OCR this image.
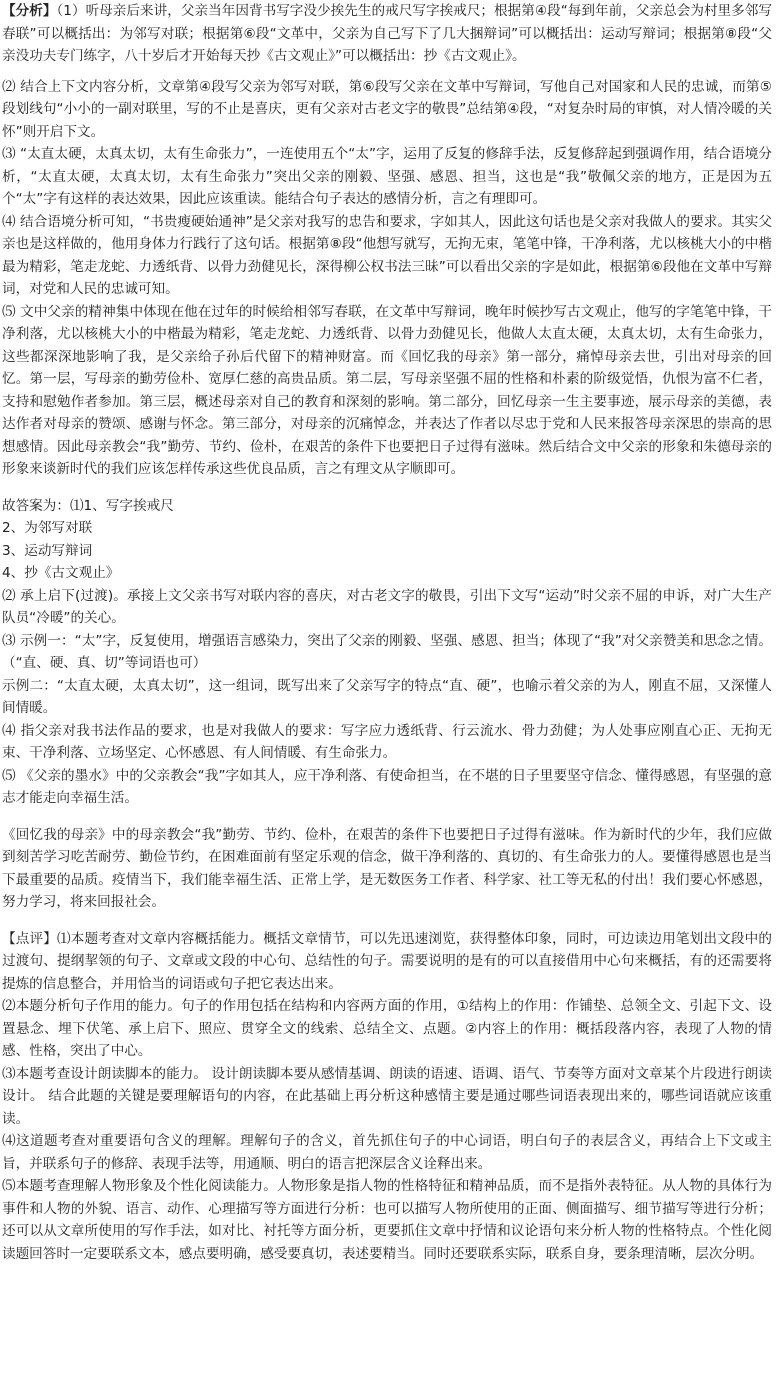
【分析】（1）听母亲后来讲，父亲当年因背书写字没少挨先生的戒尺写字挨戒尺；根据第④段“每到年前，父亲总会为村里多邻写春联”可以概括出：为邻写对联；根据第⑥段“文革中，父亲为自己写下了几大捆辩词”可以概括出：运动写辩词；根据第⑧段“父亲没功夫专门练字，八十岁后才开始每天抄《古文观止》”可以概括出：抄《古文观止》。

⑵ 结合上下文内容分析，文章第④段写父亲为邻写对联，第⑥段写父亲在文革中写辩词，写他自己对国家和人民的忠诚，而第⑤段划线句“小小的一副对联里，写的不止是喜庆，更有父亲对古老文字的敬畏”总结第④段，“对复杂时局的审慎，对人情冷暖的关怀”则开启下文。

⑶ “太直太硬，太真太切，太有生命张力”，一连使用五个“太”字，运用了反复的修辞手法，反复修辞起到强调作用，结合语境分析，“太直太硬，太真太切，太有生命张力”突出父亲的刚毅、坚强、感恩、担当，这也是“我”敬佩父亲的地方，正是因为五个“太”字有这样的表达效果，因此应该重读。能结合句子表达的感情分析，言之有理即可。

⑷ 结合语境分析可知，“书贵瘦硬始通神”是父亲对我写的忠告和要求，字如其人，因此这句话也是父亲对我做人的要求。其实父亲也是这样做的，他用身体力行践行了这句话。根据第⑧段“他想写就写，无拘无束，笔笔中锋，干净利落，尤以核桃大小的中楷最为精彩，笔走龙蛇、力透纸背、以骨力劲健见长，深得柳公权书法三昧”可以看出父亲的字是如此，根据第⑥段他在文革中写辩词，对党和人民的忠诚可知。

⑸ 文中父亲的精神集中体现在他在过年的时候给相邻写春联，在文革中写辩词，晚年时候抄写古文观止，他写的字笔笔中锋，干净利落，尤以核桃大小的中楷最为精彩，笔走龙蛇、力透纸背、以骨力劲健见长，他做人太直太硬，太真太切，太有生命张力，这些都深深地影响了我，是父亲给子孙后代留下的精神财富。而《回忆我的母亲》第一部分，痛悼母亲去世，引出对母亲的回忆。第一层，写母亲的勤劳俭朴、宽厚仁慈的高贵品质。第二层，写母亲坚强不屈的性格和朴素的阶级觉悟，仇恨为富不仁者，支持和慰勉作者参加。第三层，概述母亲对自己的教育和深刻的影响。第二部分，回忆母亲一生主要事迹，展示母亲的美德，表达作者对母亲的赞颂、感谢与怀念。第三部分，对母亲的沉痛悼念，并表达了作者以尽忠于党和人民来报答母亲深思的崇高的思想感情。因此母亲教会“我”勤劳、节约、俭朴，在艰苦的条件下也要把日子过得有滋味。然后结合文中父亲的形象和朱德母亲的形象来谈新时代的我们应该怎样传承这些优良品质，言之有理文从字顺即可。

故答案为：⑴1、写字挨戒尺

2、为邻写对联

3、运动写辩词

4、抄《古文观止》

⑵ 承上启下(过渡)。承接上文父亲书写对联内容的喜庆，对古老文字的敬畏，引出下文写“运动”时父亲不屈的申诉，对广大生产队员“冷暖”的关心。

⑶ 示例一：“太”字，反复使用，增强语言感染力，突出了父亲的刚毅、坚强、感恩、担当；体现了“我”对父亲赞美和思念之情。（“直、硬、真、切”等词语也可）

示例二：“太直太硬，太真太切”，这一组词，既写出来了父亲写字的特点“直、硬”，也喻示着父亲的为人，刚直不屈，又深懂人间情暖。

⑷ 指父亲对我书法作品的要求，也是对我做人的要求：写字应力透纸背、行云流水、骨力劲健；为人处事应刚直心正、无拘无束、干净利落、立场坚定、心怀感恩、有人间情暖、有生命张力。

⑸ 《父亲的墨水》中的父亲教会“我”字如其人，应干净利落、有使命担当，在不堪的日子里要坚守信念、懂得感恩，有坚强的意志才能走向幸福生活。

《回忆我的母亲》中的母亲教会“我”勤劳、节约、俭朴，在艰苦的条件下也要把日子过得有滋味。作为新时代的少年，我们应做到刻苦学习吃苦耐劳、勤俭节约，在困难面前有坚定乐观的信念，做干净利落的、真切的、有生命张力的人。要懂得感恩也是当下最重要的品质。疫情当下，我们能幸福生活、正常上学，是无数医务工作者、科学家、社工等无私的付出！我们要心怀感恩，努力学习，将来回报社会。

【点评】⑴本题考查对文章内容概括能力。概括文章情节，可以先迅速浏览，获得整体印象，同时，可边读边用笔划出文段中的过渡句、提纲挈领的句子、文章或文段的中心句、总结性的句子。需要说明的是有的可以直接借用中心句来概括，有的还需要将提炼的信息整合，并用恰当的词语或句子把它表达出来。

⑵本题分析句子作用的能力。句子的作用包括在结构和内容两方面的作用，①结构上的作用：作铺垫、总领全文、引起下文、设置悬念、埋下伏笔、承上启下、照应、贯穿全文的线索、总结全文、点题。②内容上的作用：概括段落内容，表现了人物的情感、性格，突出了中心。

⑶本题考查设计朗读脚本的能力。 设计朗读脚本要从感情基调、朗读的语速、语调、语气、节奏等方面对文章某个片段进行朗读设计。 结合此题的关键是要理解语句的内容，在此基础上再分析这种感情主要是通过哪些词语表现出来的，哪些词语就应该重读。

⑷这道题考查对重要语句含义的理解。理解句子的含义，首先抓住句子的中心词语，明白句子的表层含义，再结合上下文或主旨，并联系句子的修辞、表现手法等，用通顺、明白的语言把深层含义诠释出来。

⑸本题考查理解人物形象及个性化阅读能力。人物形象是指人物的性格特征和精神品质，而不是指外表特征。从人物的具体行为事件和人物的外貌、语言、动作、心理描写等方面进行分析：也可以描写人物所使用的正面、侧面描写、细节描写等进行分析；还可以从文章所使用的写作手法，如对比、衬托等方面分析，更要抓住文章中抒情和议论语句来分析人物的性格特点。个性化阅读题回答时一定要联系文本，感点要明确，感受要真切，表述要精当。同时还要联系实际，联系自身，要条理清晰，层次分明。
